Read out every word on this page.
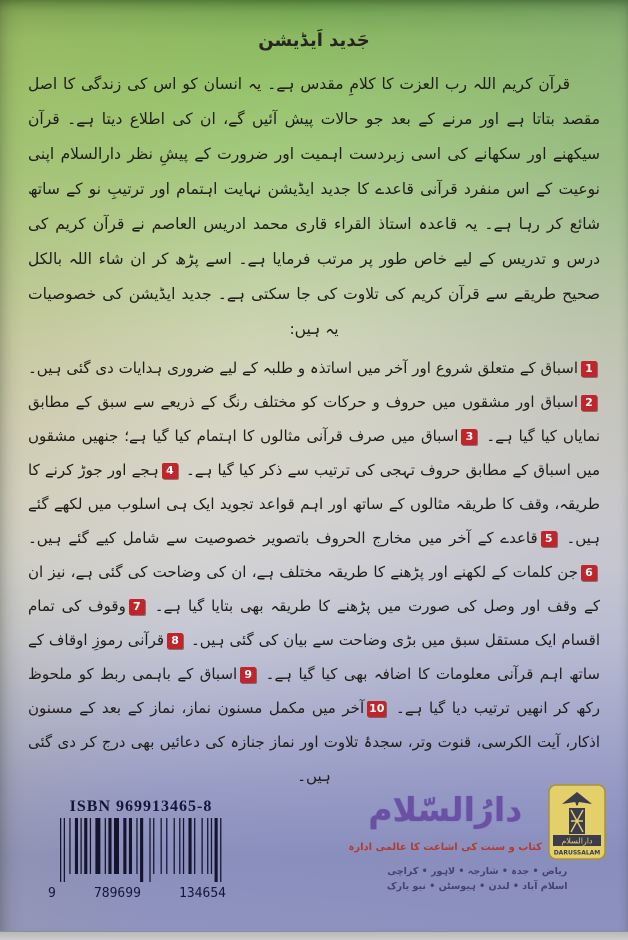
جَدید اَیڈیشن

قرآن کریم اللہ رب العزت کا کلامِ مقدس ہے۔ یہ انسان کو اس کی زندگی کا اصل مقصد بتاتا ہے اور مرنے کے بعد جو حالات پیش آئیں گے، ان کی اطلاع دیتا ہے۔ قرآن سیکھنے اور سکھانے کی اسی زبردست اہمیت اور ضرورت کے پیشِ نظر دارالسلام اپنی نوعیت کے اس منفرد قرآنی قاعدے کا جدید ایڈیشن نہایت اہتمام اور ترتیبِ نو کے ساتھ شائع کر رہا ہے۔ یہ قاعدہ استاذ القراء قاری محمد ادریس العاصم نے قرآن کریم کی درس و تدریس کے لیے خاص طور پر مرتب فرمایا ہے۔ اسے پڑھ کر ان شاء اللہ بالکل صحیح طریقے سے قرآن کریم کی تلاوت کی جا سکتی ہے۔ جدید ایڈیشن کی خصوصیات یہ ہیں:

1اسباق کے متعلق شروع اور آخر میں اساتذہ و طلبہ کے لیے ضروری ہدایات دی گئی ہیں۔ 2اسباق اور مشقوں میں حروف و حرکات کو مختلف رنگ کے ذریعے سے سبق کے مطابق نمایاں کیا گیا ہے۔ 3اسباق میں صرف قرآنی مثالوں کا اہتمام کیا گیا ہے؛ جنھیں مشقوں میں اسباق کے مطابق حروف تہجی کی ترتیب سے ذکر کیا گیا ہے۔ 4ہجے اور جوڑ کرنے کا طریقہ، وقف کا طریقہ مثالوں کے ساتھ اور اہم قواعد تجوید ایک ہی اسلوب میں لکھے گئے ہیں۔ 5قاعدے کے آخر میں مخارج الحروف باتصویر خصوصیت سے شامل کیے گئے ہیں۔ 6جن کلمات کے لکھنے اور پڑھنے کا طریقہ مختلف ہے، ان کی وضاحت کی گئی ہے، نیز ان کے وقف اور وصل کی صورت میں پڑھنے کا طریقہ بھی بتایا گیا ہے۔ 7وقوف کی تمام اقسام ایک مستقل سبق میں بڑی وضاحت سے بیان کی گئی ہیں۔ 8قرآنی رموزِ اوقاف کے ساتھ اہم قرآنی معلومات کا اضافہ بھی کیا گیا ہے۔ 9اسباق کے باہمی ربط کو ملحوظ رکھ کر انھیں ترتیب دیا گیا ہے۔ 10آخر میں مکمل مسنون نماز، نماز کے بعد کے مسنون اذکار، آیت الکرسی، قنوت وتر، سجدۂ تلاوت اور نماز جنازہ کی دعائیں بھی درج کر دی گئی ہیں۔

ISBN 969913465-8
9	789699	134654
دارالسلام
DARUSSALAM
دارُالسّلام
کتاب و سنت کی اشاعت کا عالمی ادارہ
ریاض • جدہ • شارجہ • لاہور • کراچی
اسلام آباد • لندن • ہیوسٹن • نیو یارک
